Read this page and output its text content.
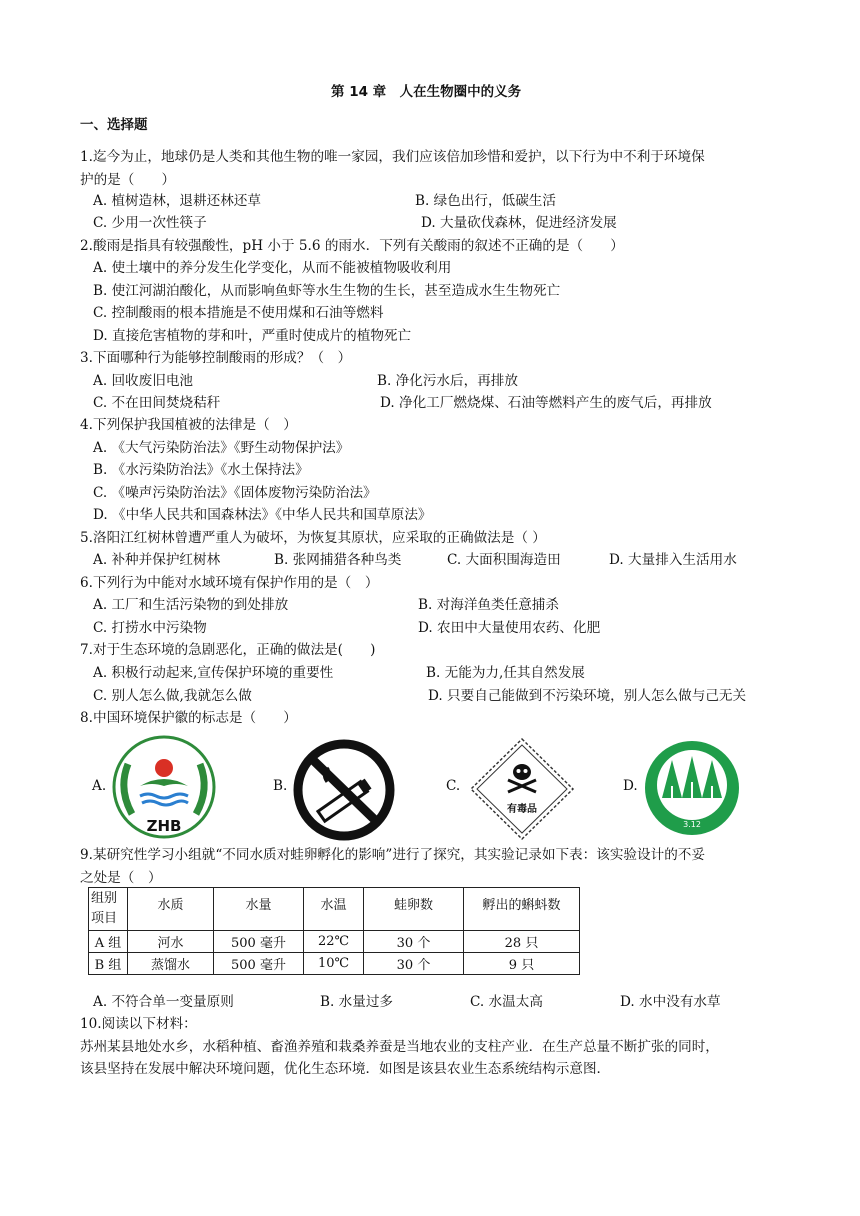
第 14 章　人在生物圈中的义务
一、选择题
1.迄今为止，地球仍是人类和其他生物的唯一家园，我们应该倍加珍惜和爱护，以下行为中不利于环境保
护的是（　　）
A. 植树造林，退耕还林还草	B. 绿色出行，低碳生活
C. 少用一次性筷子	D. 大量砍伐森林，促进经济发展
2.酸雨是指具有较强酸性，pH 小于 5.6 的雨水．下列有关酸雨的叙述不正确的是（　　）
A. 使土壤中的养分发生化学变化，从而不能被植物吸收利用
B. 使江河湖泊酸化，从而影响鱼虾等水生生物的生长，甚至造成水生生物死亡
C. 控制酸雨的根本措施是不使用煤和石油等燃料
D. 直接危害植物的芽和叶，严重时使成片的植物死亡
3.下面哪种行为能够控制酸雨的形成？（　）
A. 回收废旧电池	B. 净化污水后，再排放
C. 不在田间焚烧秸秆	D. 净化工厂燃烧煤、石油等燃料产生的废气后，再排放
4.下列保护我国植被的法律是（　）
A. 《大气污染防治法》《野生动物保护法》
B. 《水污染防治法》《水土保持法》
C. 《噪声污染防治法》《固体废物污染防治法》
D. 《中华人民共和国森林法》《中华人民共和国草原法》
5.洛阳江红树林曾遭严重人为破坏，为恢复其原状，应采取的正确做法是（ ）
A. 补种并保护红树林	B. 张网捕猎各种鸟类	C. 大面积围海造田	D. 大量排入生活用水
6.下列行为中能对水域环境有保护作用的是（　）
A. 工厂和生活污染物的到处排放	B. 对海洋鱼类任意捕杀
C. 打捞水中污染物	D. 农田中大量使用农药、化肥
7.对于生态环境的急剧恶化，正确的做法是(　　)
A. 积极行动起来,宣传保护环境的重要性	B. 无能为力,任其自然发展
C. 别人怎么做,我就怎么做	D. 只要自己能做到不污染环境，别人怎么做与己无关
8.中国环境保护徽的标志是（　　）
A.
ZHB
B.	C.
有毒品
D.
中国植树节
3.12
9.某研究性学习小组就“不同水质对蛙卵孵化的影响”进行了探究，其实验记录如下表：该实验设计的不妥
之处是（　）
组别
项目	水质	水量	水温	蛙卵数	孵出的蝌蚪数
A 组	河水	500 毫升	22℃	30 个	28 只
B 组	蒸馏水	500 毫升	10℃	30 个	9 只
A. 不符合单一变量原则	B. 水量过多	C. 水温太高	D. 水中没有水草
10.阅读以下材料：
苏州某县地处水乡，水稻种植、畜渔养殖和栽桑养蚕是当地农业的支柱产业．在生产总量不断扩张的同时，
该县坚持在发展中解决环境问题，优化生态环境．如图是该县农业生态系统结构示意图．
